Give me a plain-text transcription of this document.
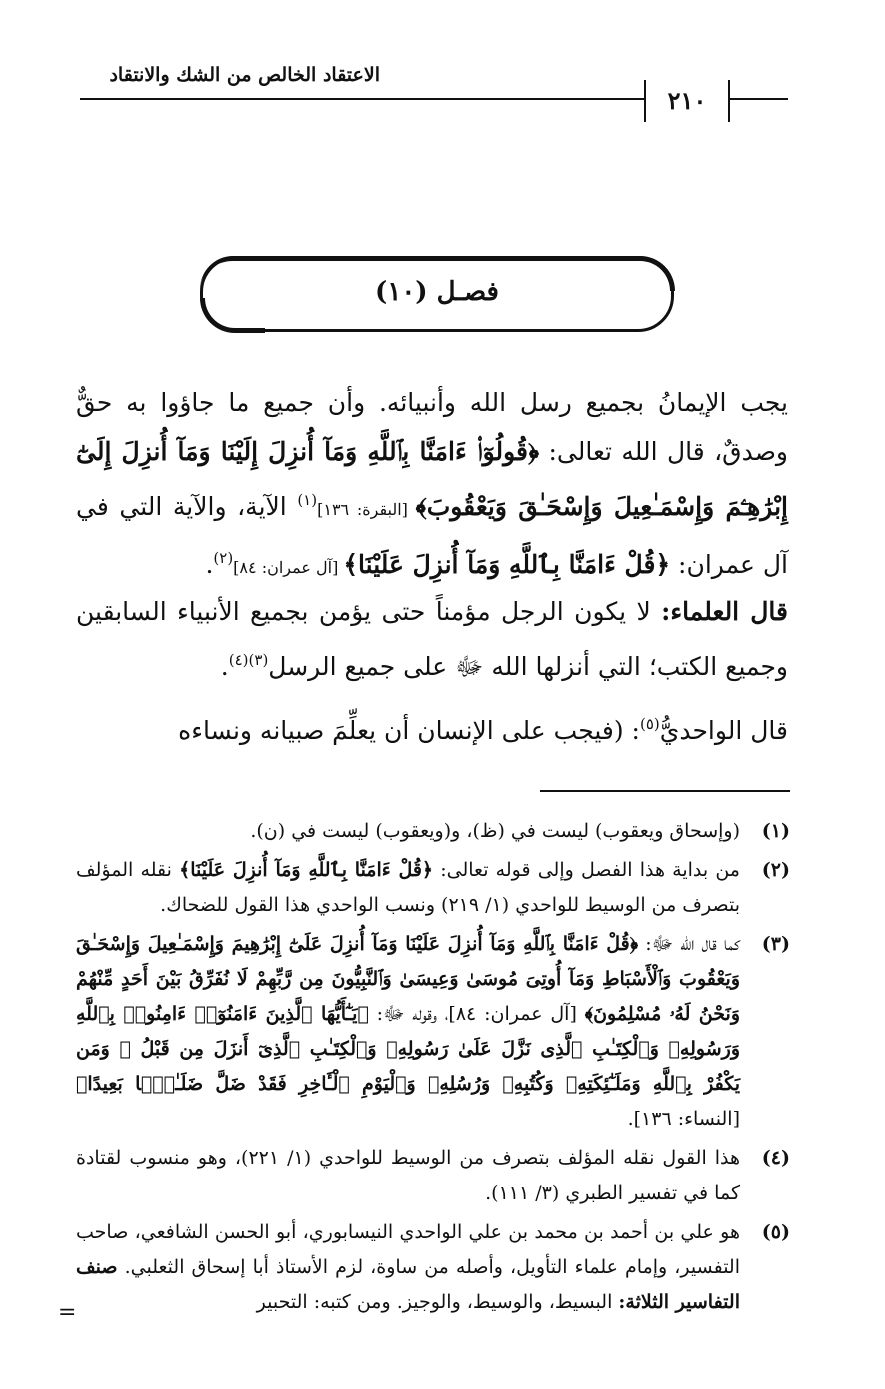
الاعتقاد الخالص من الشك والانتقاد
٢١٠
فصـل (١٠)

يجب الإيمانُ بجميع رسل الله وأنبيائه. وأن جميع ما جاؤوا به حقٌّ وصدقٌ، قال الله تعالى: ﴿قُولُوٓا۟ ءَامَنَّا بِٱللَّهِ وَمَآ أُنزِلَ إِلَيْنَا وَمَآ أُنزِلَ إِلَىٰٓ إِبْرَٰهِـۧمَ وَإِسْمَـٰعِيلَ وَإِسْحَـٰقَ وَيَعْقُوبَ﴾ [البقرة: ١٣٦]$^{(١)}$ الآية، والآية التي في آل عمران: ﴿قُلْ ءَامَنَّا بِٱللَّهِ وَمَآ أُنزِلَ عَلَيْنَا﴾ [آل عمران: ٨٤]$^{(٢)}$.

قال العلماء: لا يكون الرجل مؤمناً حتى يؤمن بجميع الأنبياء السابقين وجميع الكتب؛ التي أنزلها الله ﷻ على جميع الرسل$^{(٣)(٤)}$.

قال الواحديُّ$^{(٥)}$: (فيجب على الإنسان أن يعلِّمَ صبيانه ونساءه

(١)
(وإسحاق ويعقوب) ليست في (ظ)، و(ويعقوب) ليست في (ن).
(٢)
من بداية هذا الفصل وإلى قوله تعالى: ﴿قُلْ ءَامَنَّا بِٱللَّهِ وَمَآ أُنزِلَ عَلَيْنَا﴾ نقله المؤلف بتصرف من الوسيط للواحدي (١/ ٢١٩) ونسب الواحدي هذا القول للضحاك.
(٣)
كما قال الله ﷻ: ﴿قُلْ ءَامَنَّا بِٱللَّهِ وَمَآ أُنزِلَ عَلَيْنَا وَمَآ أُنزِلَ عَلَىٰٓ إِبْرَٰهِيمَ وَإِسْمَـٰعِيلَ وَإِسْحَـٰقَ وَيَعْقُوبَ وَٱلْأَسْبَاطِ وَمَآ أُوتِىَ مُوسَىٰ وَعِيسَىٰ وَٱلنَّبِيُّونَ مِن رَّبِّهِمْ لَا نُفَرِّقُ بَيْنَ أَحَدٍ مِّنْهُمْ وَنَحْنُ لَهُۥ مُسْلِمُونَ﴾ [آل عمران: ٨٤]، وقوله ﷻ: ﴿يَـٰٓأَيُّهَا ٱلَّذِينَ ءَامَنُوٓا۟ ءَامِنُوا۟ بِٱللَّهِ وَرَسُولِهِۦ وَٱلْكِتَـٰبِ ٱلَّذِى نَزَّلَ عَلَىٰ رَسُولِهِۦ وَٱلْكِتَـٰبِ ٱلَّذِىٓ أَنزَلَ مِن قَبْلُ ۚ وَمَن يَكْفُرْ بِٱللَّهِ وَمَلَـٰٓئِكَتِهِۦ وَكُتُبِهِۦ وَرُسُلِهِۦ وَٱلْيَوْمِ ٱلْـَٔاخِرِ فَقَدْ ضَلَّ ضَلَـٰلًۢا بَعِيدًا﴾ [النساء: ١٣٦].
(٤)
هذا القول نقله المؤلف بتصرف من الوسيط للواحدي (١/ ٢٢١)، وهو منسوب لقتادة كما في تفسير الطبري (٣/ ١١١).
(٥)
هو علي بن أحمد بن محمد بن علي الواحدي النيسابوري، أبو الحسن الشافعي، صاحب التفسير، وإمام علماء التأويل، وأصله من ساوة، لزم الأستاذ أبا إسحاق الثعلبي. صنف التفاسير الثلاثة: البسيط، والوسيط، والوجيز. ومن كتبه: التحبير
=
